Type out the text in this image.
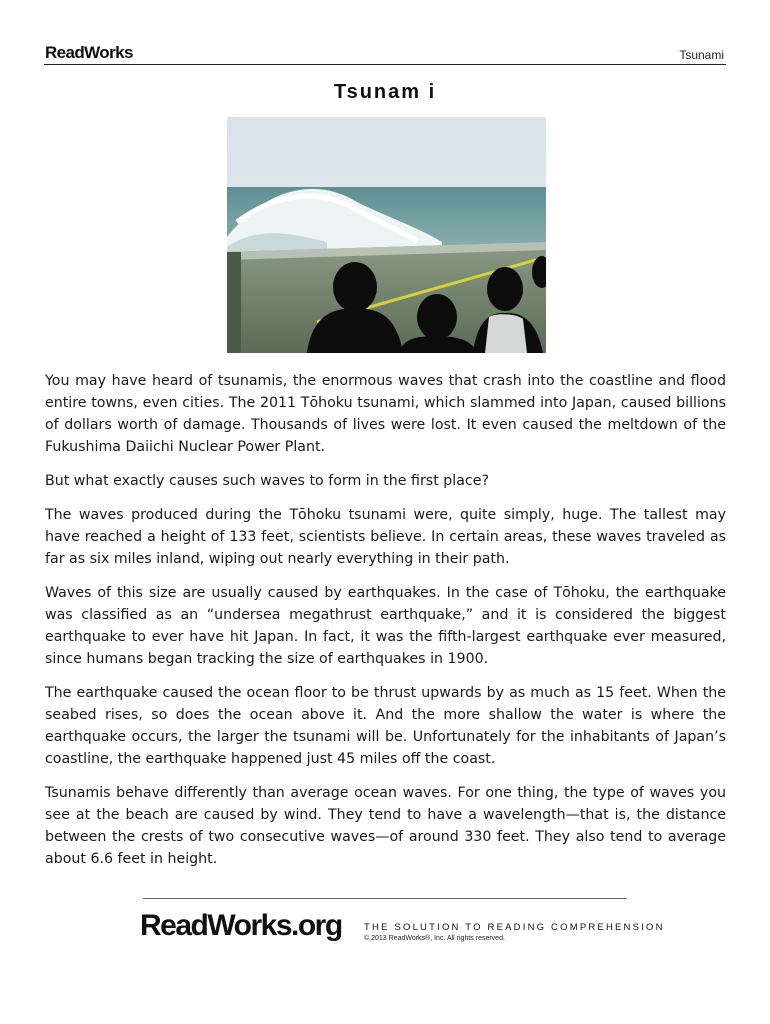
ReadWorks	Tsunami
Tsunam i

You may have heard of tsunamis, the enormous waves that crash into the coastline and flood entire towns, even cities. The 2011 Tōhoku tsunami, which slammed into Japan, caused billions of dollars worth of damage. Thousands of lives were lost. It even caused the meltdown of the Fukushima Daiichi Nuclear Power Plant.

But what exactly causes such waves to form in the first place?

The waves produced during the Tōhoku tsunami were, quite simply, huge. The tallest may have reached a height of 133 feet, scientists believe. In certain areas, these waves traveled as far as six miles inland, wiping out nearly everything in their path.

Waves of this size are usually caused by earthquakes. In the case of Tōhoku, the earthquake was classified as an “undersea megathrust earthquake,” and it is considered the biggest earthquake to ever have hit Japan. In fact, it was the fifth-largest earthquake ever measured, since humans began tracking the size of earthquakes in 1900.

The earthquake caused the ocean floor to be thrust upwards by as much as 15 feet. When the seabed rises, so does the ocean above it. And the more shallow the water is where the earthquake occurs, the larger the tsunami will be. Unfortunately for the inhabitants of Japan’s coastline, the earthquake happened just 45 miles off the coast.

Tsunamis behave differently than average ocean waves. For one thing, the type of waves you see at the beach are caused by wind. They tend to have a wavelength—that is, the distance between the crests of two consecutive waves—of around 330 feet. They also tend to average about 6.6 feet in height.

ReadWorks.org THE SOLUTION TO READING COMPREHENSION
© 2013 ReadWorks®, Inc. All rights reserved.
